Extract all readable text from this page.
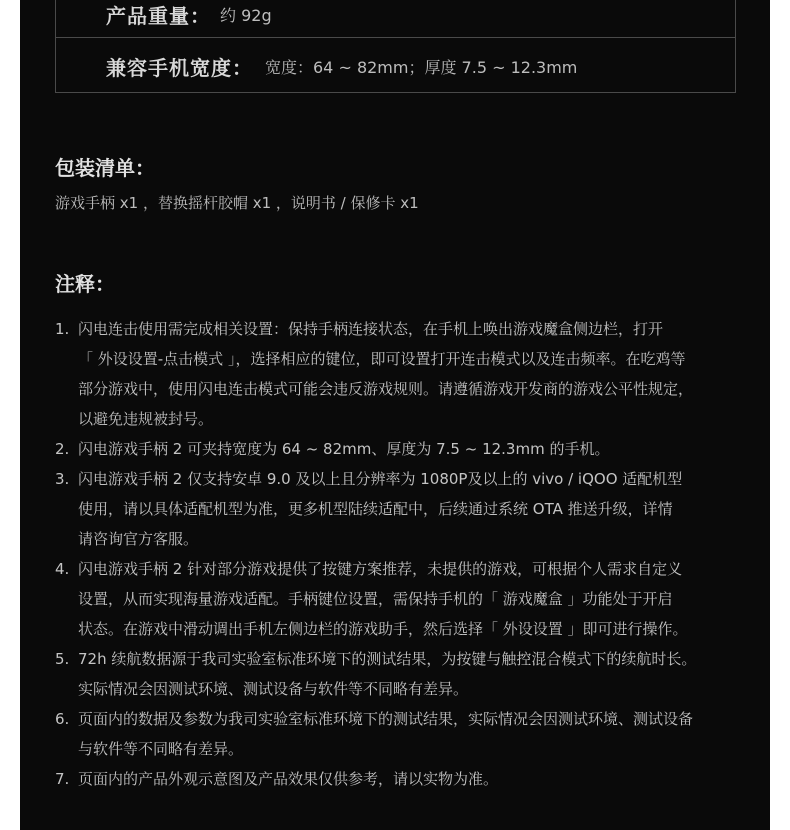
产品重量： 约 92g
兼容手机宽度： 宽度：64 ~ 82mm；厚度 7.5 ~ 12.3mm
包装清单：
游戏手柄 x1 ，替换摇杆胶帽 x1 ，说明书 / 保修卡 x1
注释：
1. 闪电连击使用需完成相关设置：保持手柄连接状态，在手机上唤出游戏魔盒侧边栏，打开
「 外设设置-点击模式 」，选择相应的键位，即可设置打开连击模式以及连击频率。在吃鸡等
部分游戏中，使用闪电连击模式可能会违反游戏规则。请遵循游戏开发商的游戏公平性规定，
以避免违规被封号。
2. 闪电游戏手柄 2 可夹持宽度为 64 ~ 82mm、厚度为 7.5 ~ 12.3mm 的手机。
3. 闪电游戏手柄 2 仅支持安卓 9.0 及以上且分辨率为 1080P及以上的 vivo / iQOO 适配机型
使用，请以具体适配机型为准，更多机型陆续适配中，后续通过系统 OTA 推送升级，详情
请咨询官方客服。
4. 闪电游戏手柄 2 针对部分游戏提供了按键方案推荐，未提供的游戏，可根据个人需求自定义
设置，从而实现海量游戏适配。手柄键位设置，需保持手机的「 游戏魔盒 」功能处于开启
状态。在游戏中滑动调出手机左侧边栏的游戏助手，然后选择「 外设设置 」即可进行操作。
5. 72h 续航数据源于我司实验室标准环境下的测试结果，为按键与触控混合模式下的续航时长。
实际情况会因测试环境、测试设备与软件等不同略有差异。
6. 页面内的数据及参数为我司实验室标准环境下的测试结果，实际情况会因测试环境、测试设备
与软件等不同略有差异。
7. 页面内的产品外观示意图及产品效果仅供参考，请以实物为准。
